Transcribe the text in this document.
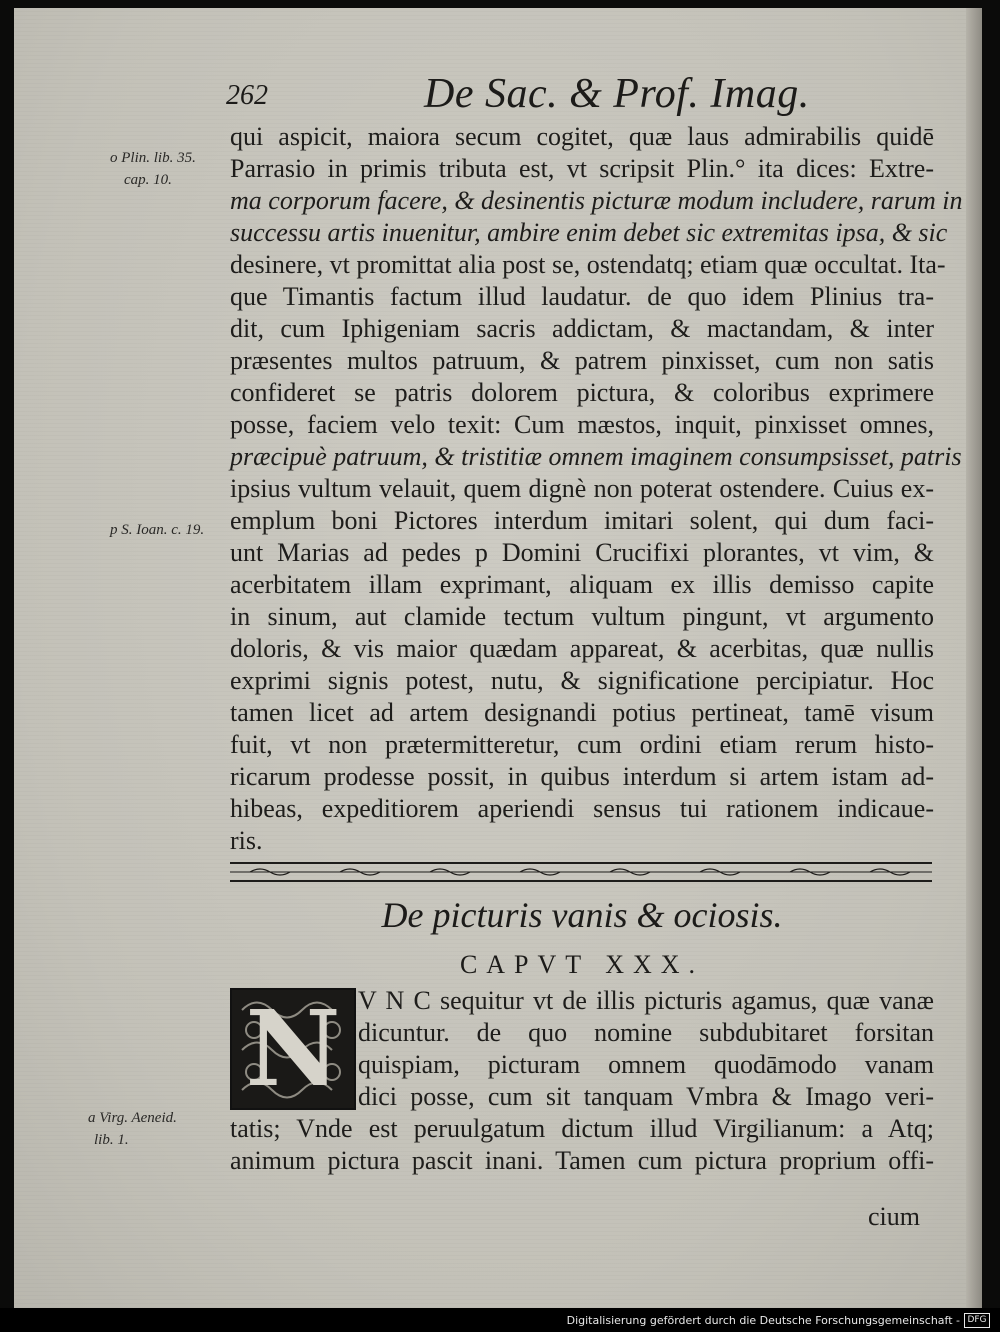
262	De Sac. & Prof. Imag.
o Plin. lib. 35.
cap. 10.
p S. Ioan. c. 19.
a Virg. Aeneid.
lib. 1.
qui aspicit, maiora secum cogitet, quæ laus admirabilis quidē
Parrasio in primis tributa est, vt scripsit Plin.° ita dices: Extre-
ma corporum facere, & desinentis picturæ modum includere, rarum in
successu artis inuenitur, ambire enim debet sic extremitas ipsa, & sic
desinere, vt promittat alia post se, ostendatq; etiam quæ occultat. Ita-
que Timantis factum illud laudatur. de quo idem Plinius tra-
dit, cum Iphigeniam sacris addictam, & mactandam, & inter
præsentes multos patruum, & patrem pinxisset, cum non satis
confideret se patris dolorem pictura, & coloribus exprimere
posse, faciem velo texit: Cum mæstos, inquit, pinxisset omnes,
præcipuè patruum, & tristitiæ omnem imaginem consumpsisset, patris
ipsius vultum velauit, quem dignè non poterat ostendere. Cuius ex-
emplum boni Pictores interdum imitari solent, qui dum faci-
unt Marias ad pedes p Domini Crucifixi plorantes, vt vim, &
acerbitatem illam exprimant, aliquam ex illis demisso capite
in sinum, aut clamide tectum vultum pingunt, vt argumento
doloris, & vis maior quædam appareat, & acerbitas, quæ nullis
exprimi signis potest, nutu, & significatione percipiatur. Hoc
tamen licet ad artem designandi potius pertineat, tamē visum
fuit, vt non prætermitteretur, cum ordini etiam rerum histo-
ricarum prodesse possit, in quibus interdum si artem istam ad-
hibeas, expeditiorem aperiendi sensus tui rationem indicaue-
ris.
De picturis vanis & ociosis.
CAPVT XXX.
N V N C sequitur vt de illis picturis agamus, quæ vanæ
dicuntur. de quo nomine subdubitaret forsitan
quispiam, picturam omnem quodāmodo vanam
dici posse, cum sit tanquam Vmbra & Imago veri-
tatis; Vnde est peruulgatum dictum illud Virgilianum: a Atq;
animum pictura pascit inani. Tamen cum pictura proprium offi-
cium
Digitalisierung gefördert durch die Deutsche Forschungsgemeinschaft - DFG
